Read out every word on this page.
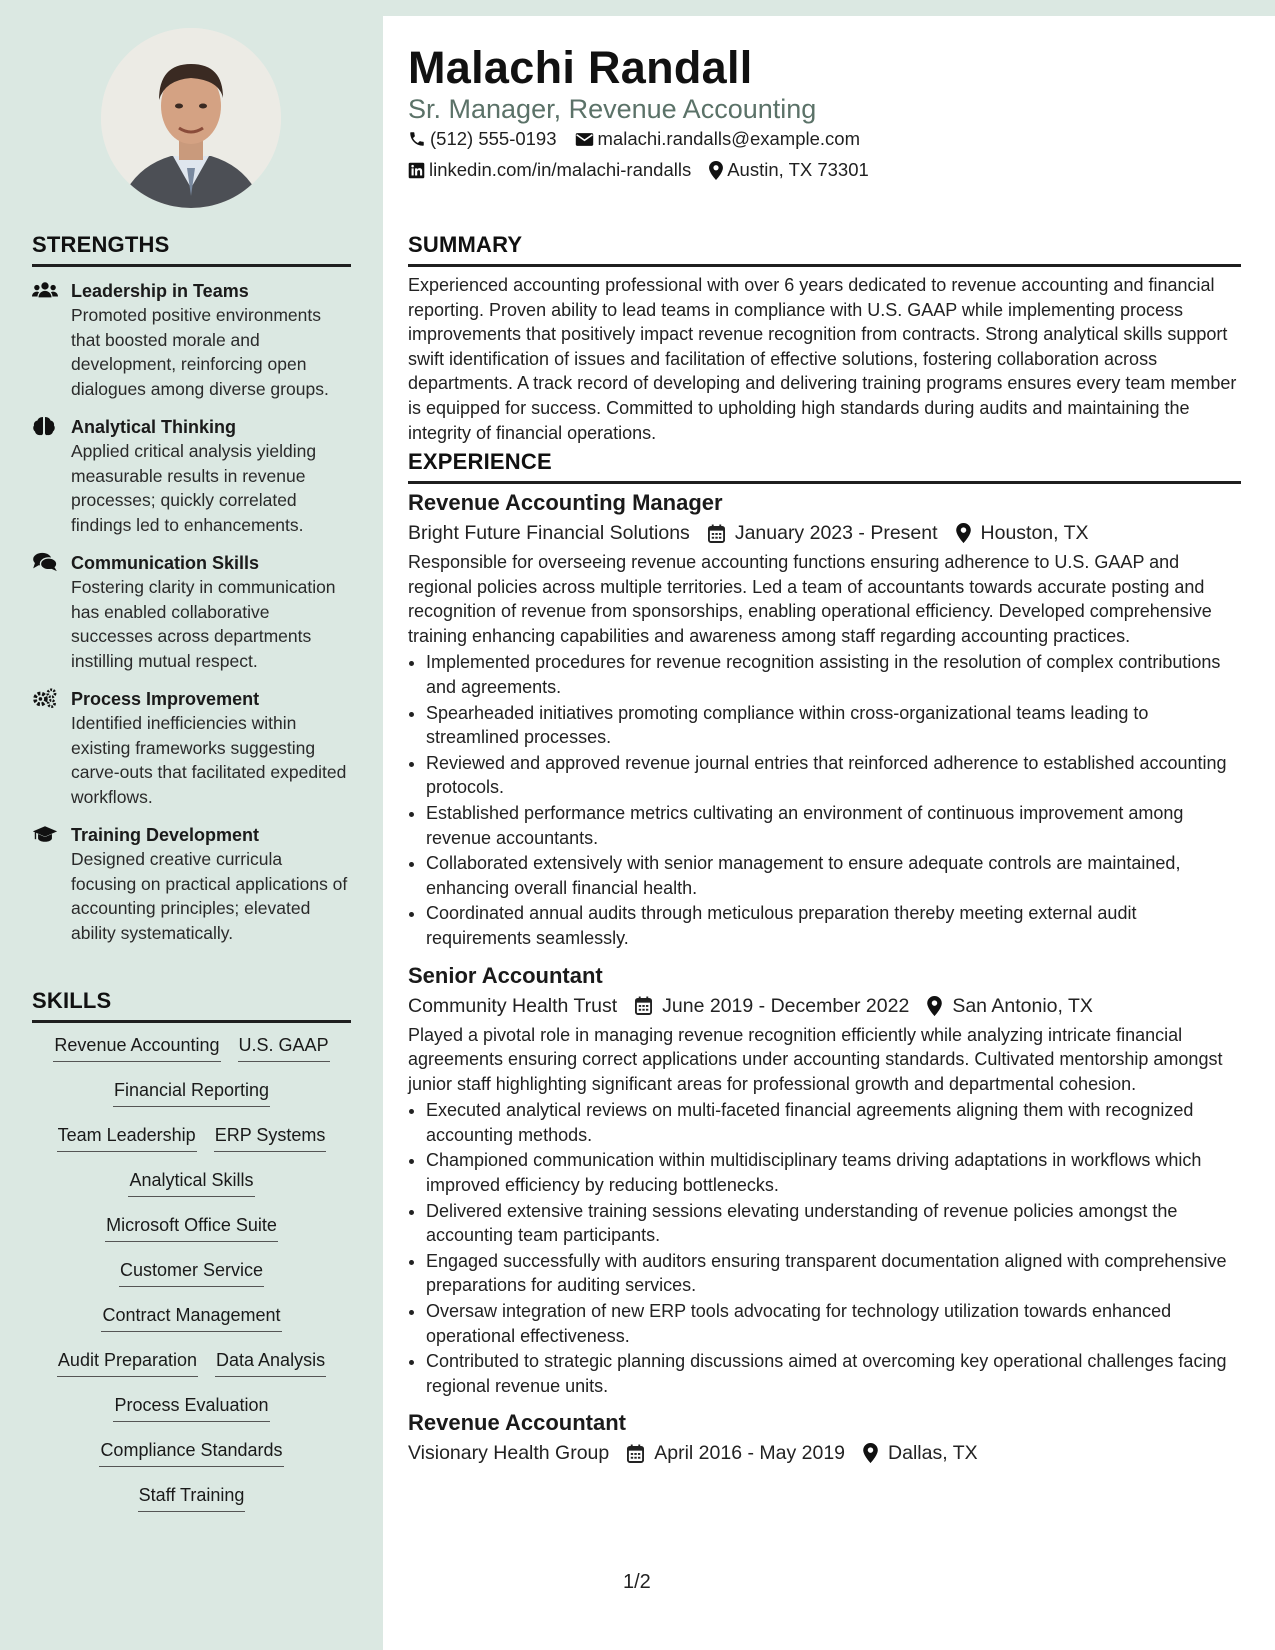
STRENGTHS
Leadership in Teams
Promoted positive environments that boosted morale and development, reinforcing open dialogues among diverse groups.
Analytical Thinking
Applied critical analysis yielding measurable results in revenue processes; quickly correlated findings led to enhancements.
Communication Skills
Fostering clarity in communication has enabled collaborative successes across departments instilling mutual respect.
Process Improvement
Identified inefficiencies within existing frameworks suggesting carve-outs that facilitated expedited workflows.
Training Development
Designed creative curricula focusing on practical applications of accounting principles; elevated ability systematically.
SKILLS
Revenue Accounting U.S. GAAP
Financial Reporting
Team Leadership ERP Systems
Analytical Skills
Microsoft Office Suite
Customer Service
Contract Management
Audit Preparation Data Analysis
Process Evaluation
Compliance Standards
Staff Training
Malachi Randall
Sr. Manager, Revenue Accounting
(512) 555-0193 malachi.randalls@example.com
linkedin.com/in/malachi-randalls Austin, TX 73301
SUMMARY
Experienced accounting professional with over 6 years dedicated to revenue accounting and financial reporting. Proven ability to lead teams in compliance with U.S. GAAP while implementing process improvements that positively impact revenue recognition from contracts. Strong analytical skills support swift identification of issues and facilitation of effective solutions, fostering collaboration across departments. A track record of developing and delivering training programs ensures every team member is equipped for success. Committed to upholding high standards during audits and maintaining the integrity of financial operations.
EXPERIENCE
Revenue Accounting Manager
Bright Future Financial Solutions January 2023 - Present Houston, TX
Responsible for overseeing revenue accounting functions ensuring adherence to U.S. GAAP and regional policies across multiple territories. Led a team of accountants towards accurate posting and recognition of revenue from sponsorships, enabling operational efficiency. Developed comprehensive training enhancing capabilities and awareness among staff regarding accounting practices.
• Implemented procedures for revenue recognition assisting in the resolution of complex contributions and agreements.
• Spearheaded initiatives promoting compliance within cross-organizational teams leading to streamlined processes.
• Reviewed and approved revenue journal entries that reinforced adherence to established accounting protocols.
• Established performance metrics cultivating an environment of continuous improvement among revenue accountants.
• Collaborated extensively with senior management to ensure adequate controls are maintained, enhancing overall financial health.
• Coordinated annual audits through meticulous preparation thereby meeting external audit requirements seamlessly.
Senior Accountant
Community Health Trust June 2019 - December 2022 San Antonio, TX
Played a pivotal role in managing revenue recognition efficiently while analyzing intricate financial agreements ensuring correct applications under accounting standards. Cultivated mentorship amongst junior staff highlighting significant areas for professional growth and departmental cohesion.
• Executed analytical reviews on multi-faceted financial agreements aligning them with recognized accounting methods.
• Championed communication within multidisciplinary teams driving adaptations in workflows which improved efficiency by reducing bottlenecks.
• Delivered extensive training sessions elevating understanding of revenue policies amongst the accounting team participants.
• Engaged successfully with auditors ensuring transparent documentation aligned with comprehensive preparations for auditing services.
• Oversaw integration of new ERP tools advocating for technology utilization towards enhanced operational effectiveness.
• Contributed to strategic planning discussions aimed at overcoming key operational challenges facing regional revenue units.
Revenue Accountant
Visionary Health Group April 2016 - May 2019 Dallas, TX
1/2
